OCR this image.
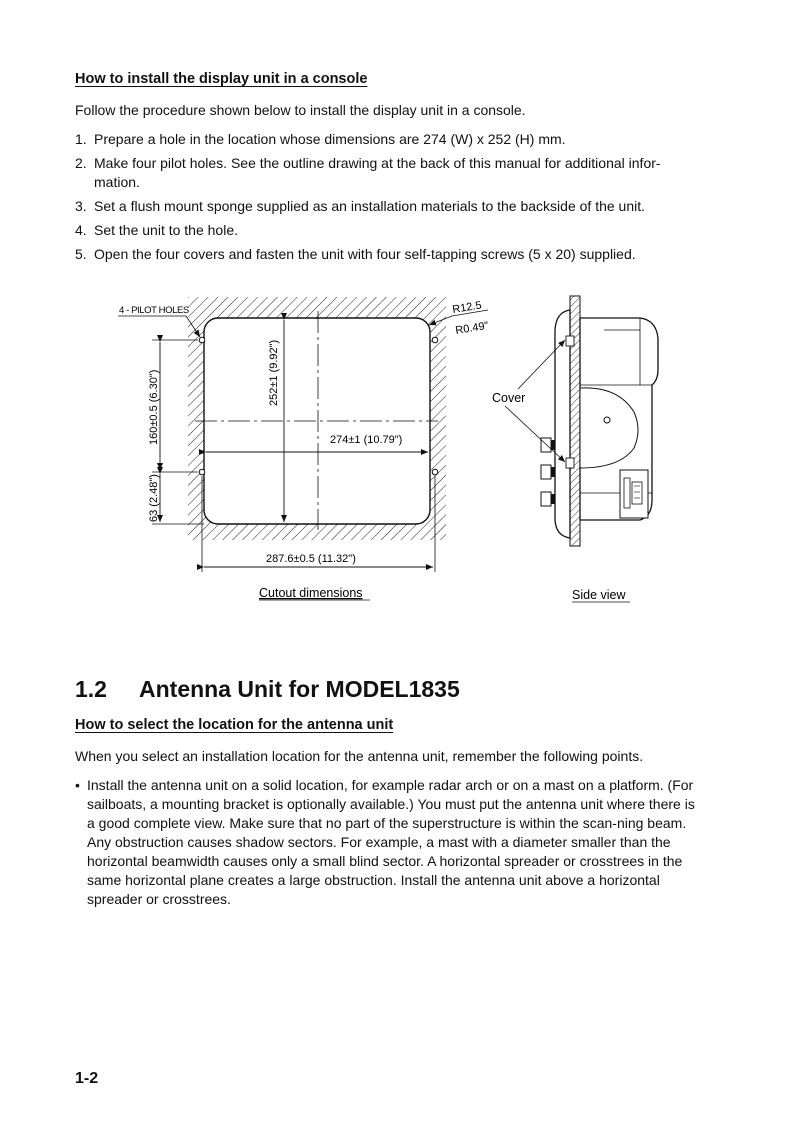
How to install the display unit in a console
Follow the procedure shown below to install the display unit in a console.
1. Prepare a hole in the location whose dimensions are 274 (W) x 252 (H) mm.
2. Make four pilot holes. See the outline drawing at the back of this manual for additional infor-mation.
3. Set a flush mount sponge supplied as an installation materials to the backside of the unit.
4. Set the unit to the hole.
5. Open the four covers and fasten the unit with four self-tapping screws (5 x 20) supplied.
4 - PILOT HOLES	R12.5
R0.49"
252±1 (9.92")
274±1 (10.79")
160±0.5 (6.30")
63 (2.48")
287.6±0.5 (11.32")
Cutout dimensions
Cover
Side view
1.2 Antenna Unit for MODEL1835
How to select the location for the antenna unit
When you select an installation location for the antenna unit, remember the following points.
• Install the antenna unit on a solid location, for example radar arch or on a mast on a platform. (For sailboats, a mounting bracket is optionally available.) You must put the antenna unit where there is a good complete view. Make sure that no part of the superstructure is within the scan-ning beam. Any obstruction causes shadow sectors. For example, a mast with a diameter smaller than the horizontal beamwidth causes only a small blind sector. A horizontal spreader or crosstrees in the same horizontal plane creates a large obstruction. Install the antenna unit above a horizontal spreader or crosstrees.
1-2
